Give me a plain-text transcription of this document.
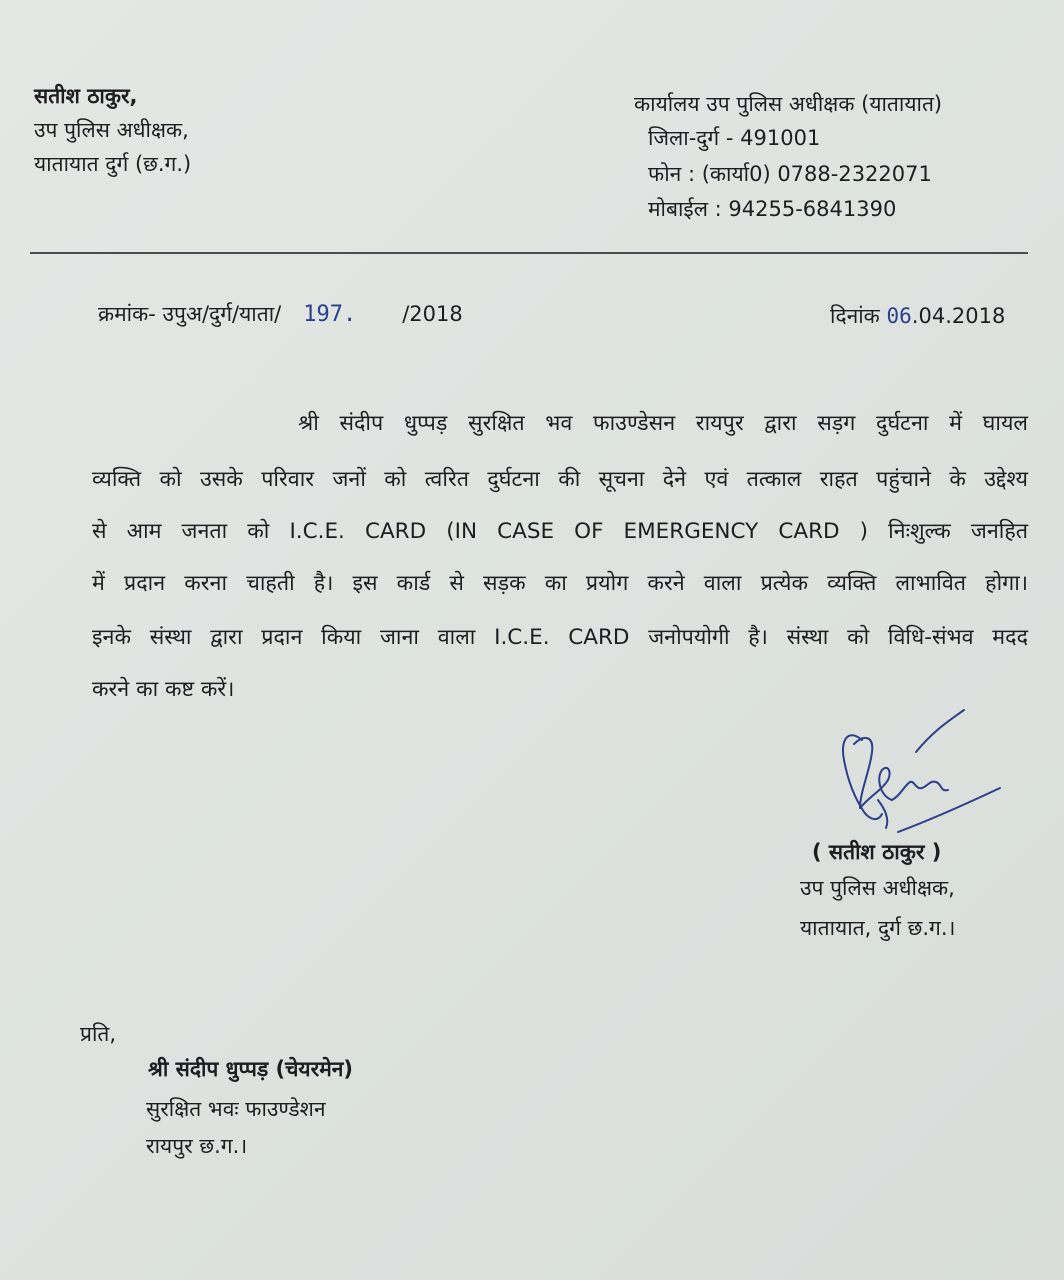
सतीश ठाकुर,
उप पुलिस अधीक्षक,
यातायात दुर्ग (छ.ग.)
कार्यालय उप पुलिस अधीक्षक (यातायात)
जिला-दुर्ग - 491001
फोन : (कार्या0) 0788-2322071
मोबाईल : 94255-6841390
क्रमांक- उपुअ/दुर्ग/याता/ 197. /2018	दिनांक 06.04.2018
श्री संदीप धुप्पड़ सुरक्षित भव फाउण्डेसन रायपुर द्वारा सड़ग दुर्घटना में घायल
व्यक्ति को उसके परिवार जनों को त्वरित दुर्घटना की सूचना देने एवं तत्काल राहत पहुंचाने के उद्देश्य
से आम जनता को I.C.E. CARD (IN CASE OF EMERGENCY CARD ) निःशुल्क जनहित
में प्रदान करना चाहती है। इस कार्ड से सड़क का प्रयोग करने वाला प्रत्येक व्यक्ति लाभावित होगा।
इनके संस्था द्वारा प्रदान किया जाना वाला I.C.E. CARD जनोपयोगी है। संस्था को विधि-संभव मदद
करने का कष्ट करें।
( सतीश ठाकुर )
उप पुलिस अधीक्षक,
यातायात, दुर्ग छ.ग.।
प्रति,
श्री संदीप धुप्पड़ (चेयरमेन)
सुरक्षित भवः फाउण्डेशन
रायपुर छ.ग.।
